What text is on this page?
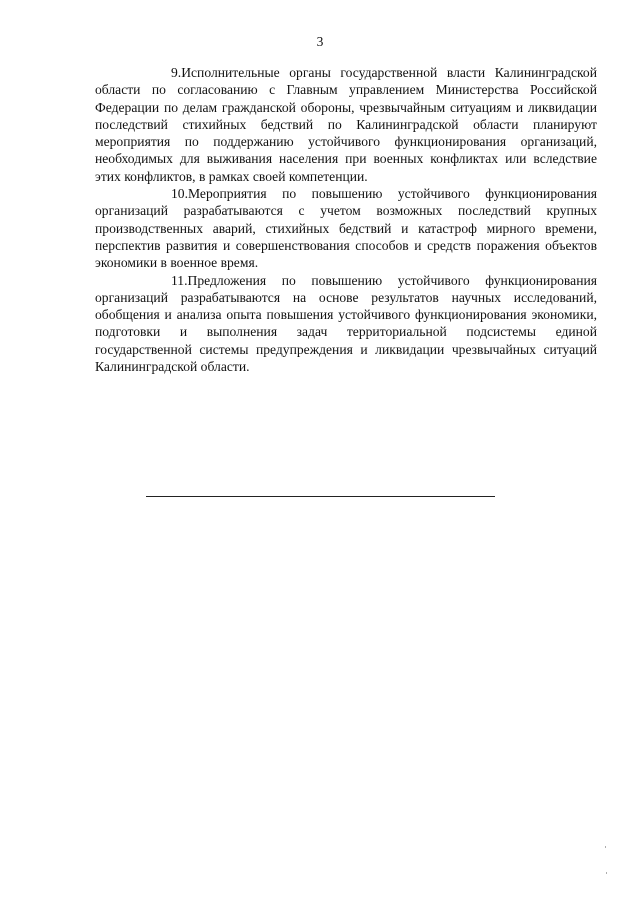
3

9.Исполнительные органы государственной власти Калининградской области по согласованию с Главным управлением Министерства Российской Федерации по делам гражданской обороны, чрезвычайным ситуациям и ликвидации последствий стихийных бедствий по Калининградской области планируют мероприятия по поддержанию устойчивого функционирования организаций, необходимых для выживания населения при военных конфликтах или вследствие этих конфликтов, в рамках своей компетенции.

10.Мероприятия по повышению устойчивого функционирования организаций разрабатываются с учетом возможных последствий крупных производственных аварий, стихийных бедствий и катастроф мирного времени, перспектив развития и совершенствования способов и средств поражения объектов экономики в военное время.

11.Предложения по повышению устойчивого функционирования организаций разрабатываются на основе результатов научных исследований, обобщения и анализа опыта повышения устойчивого функционирования экономики, подготовки и выполнения задач территориальной подсистемы единой государственной системы предупреждения и ликвидации чрезвычайных ситуаций Калининградской области.
